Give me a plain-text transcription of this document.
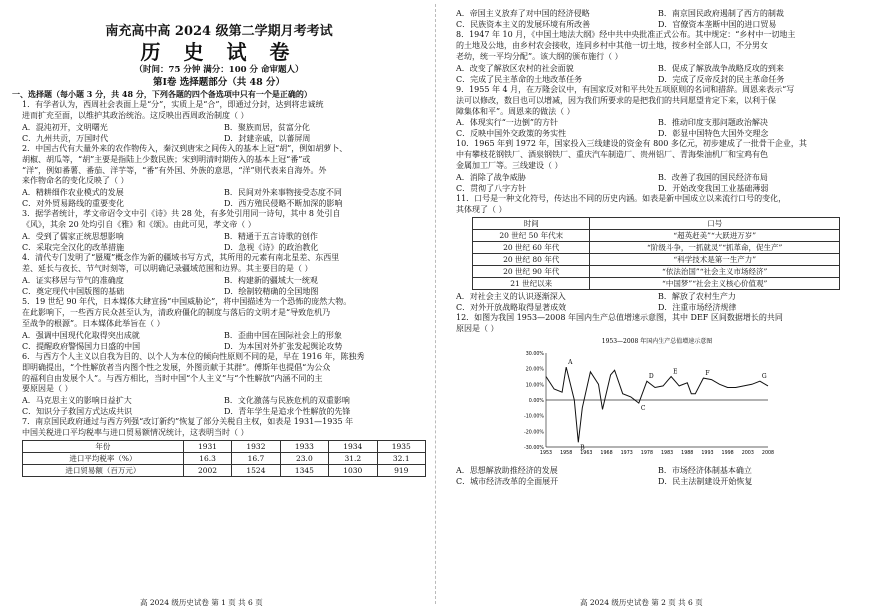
南充高中高 2024 级第二学期月考考试
历 史 试 卷
（时间：75 分钟 满分：100 分 命审题人）
第Ⅰ卷 选择题部分（共 48 分）
一、选择题（每小题 3 分，共 48 分，下列各题的四个备选项中只有一个是正确的）
1．有学者认为，西周社会表面上是“分”，实质上是“合”，即通过分封，达到将忠诚统
进而扩充至面，以维护其政治统治。这反映出西周政治制度（ ）
A．混沌初开，文明曙光	B．聚族而居，贫富分化
C．九州共贡，万国时代	D．封建亲戚，以蕃屏周
2．中国古代有大量外来的农作物传入，秦汉到唐宋之间传入的基本上冠“胡”，例如胡萝卜、
胡椒、胡瓜等，“胡”主要是指陆上少数民族；宋到明清时期传入的基本上冠“番”或
“洋”，例如番薯、番茄、洋芋等，“番”有外国、外族的意思，“洋”则代表来自海外。外
来作物命名的变化反映了（ ）
A．精耕细作农业模式的发展	B．民间对外来事物接受态度不同
C．对外贸易路线的重要变化	D．西方殖民侵略不断加深的影响
3．据学者统计，孝文帝诏令文中引《诗》共 28 处，有多处引用同一诗句，其中 8 处引自
《风》，其余 20 处均引自《雅》和《颂》。由此可见，孝文帝（ ）
A．受到了儒家正统思想影响	B．精通于五言诗歌的创作
C．采取完全汉化的改革措施	D．急视《诗》的政治教化
4．清代专门发明了“蜃魇”概念作为新的疆域书写方式，其所用的元素有南北星差、东西里
差、延长与夜长、节气时刻等，可以明确记录疆域范围和边界。其主要目的是（ ）
A．证实移居与节气的准确度	B．构建新的疆域大一统观
C．奠定现代中国版图的基础	D．绘制较精确的全国地图
5．19 世纪 90 年代，日本媒体大肆宣扬“中国威胁论”，将中国描述为一个恐怖的庞然大物。
在此影响下，一些西方民众甚至认为，清政府僵化的制度与落后的文明才是“导致危机乃
至战争的根源”。日本媒体此举旨在（ ）
A．强调中国现代化取得突出成就	B．歪曲中国在国际社会上的形象
C．提醒政府警惕国力日盛的中国	D．为本国对外扩张发起舆论攻势
6．与西方个人主义以自我为目的、以个人为本位的倾向性原则不同的是，早在 1916 年，陈独秀
即明确提出，“个性解放者当内图个性之发展，外图贡献于其群”。傅斯年也提倡“为公众
的福利自由发展个人”。与西方相比，当时中国“个人主义”与“个性解放”内涵不同的主
要原因是（ ）
A．马克思主义的影响日益扩大	B．文化激荡与民族危机的双重影响
C．知识分子救国方式达成共识	D．青年学生是追求个性解放的先锋
7．南京国民政府通过与西方列强“改订新约”恢复了部分关税自主权，如表是 1931—1935 年
中国关税进口平均税率与进口贸易额情况统计，这表明当时（ ）
年份	1931	1932	1933	1934	1935
进口平均税率（%）	16.3	16.7	23.0	31.2	32.1
进口贸易额（百万元）	2002	1524	1345	1030	919
高 2024 级历史试卷 第 1 页 共 6 页
A．帝国主义放弃了对中国的经济侵略	B．南京国民政府遏制了西方的制裁
C．民族资本主义的发展环境有所改善	D．官僚资本垄断中国的进口贸易
8．1947 年 10 月，《中国土地法大纲》经中共中央批准正式公布。其中规定：“乡村中一切地主
的土地及公地，由乡村农会接收，连同乡村中其他一切土地，按乡村全部人口，不分男女
老幼，统一平均分配”。该大纲的颁布施行（ ）
A．改变了解放区农村的社会面貌	B．促成了解放战争战略反攻的到来
C．完成了民主革命的土地改革任务	D．完成了反帝反封的民主革命任务
9．1955 年 4 月，在万隆会议中，有国家反对和平共处五项原则的名词和措辞。周恩来表示“写
法可以修改，数目也可以增减，因为我们所要求的是把我们的共同愿望肯定下来，以利于保
障集体和平”。周恩来的做法（ ）
A．体现实行“一边倒”的方针	B．推动印度支那问题政治解决
C．反映中国外交政策的务实性	D．彰显中国特色大国外交理念
10．1965 年到 1972 年，国家投入三线建设的资金有 800 多亿元，初步建成了一批骨干企业，其
中有攀枝花钢铁厂、酒泉钢铁厂、重庆汽车制造厂、贵州铝厂、青海柴油机厂和宝鸡有色
金属加工厂等。三线建设（ ）
A．消除了战争威胁	B．改善了我国的国民经济布局
C．贯彻了八字方针	D．开始改变我国工业基础薄弱
11．口号是一种文化符号，传达出不同的历史内涵。如表是新中国成立以来流行口号的变化，
其体现了（ ）
时间	口号
20 世纪 50 年代末	“超英赶美”“大跃进万岁”
20 世纪 60 年代	“阶级斗争，一抓就灵”“抓革命，促生产”
20 世纪 80 年代	“科学技术是第一生产力”
20 世纪 90 年代	“依法治国”“社会主义市场经济”
21 世纪以来	“中国梦”“社会主义核心价值观”
A．对社会主义的认识逐渐深入	B．解放了农村生产力
C．对外开放战略取得显著成效	D．注重市场经济规律
12．如图为我国 1953—2008 年国内生产总值增速示意图，其中 DEF 区间数据增长的共同
原因是（ ）
1953—2008 年国内生产总值增速示意图
30.00%
20.00%
10.00%
0.00%
-10.00%
-20.00%
-30.00%
1953 1958 1963 1968 1973 1978 1983 1988 1993 1998 2003 2008
A
B
C
D
E	F	G
A．思想解放助推经济的发展	B．市场经济体制基本确立
C．城市经济改革的全面展开	D．民主法制建设开始恢复
高 2024 级历史试卷 第 2 页 共 6 页
